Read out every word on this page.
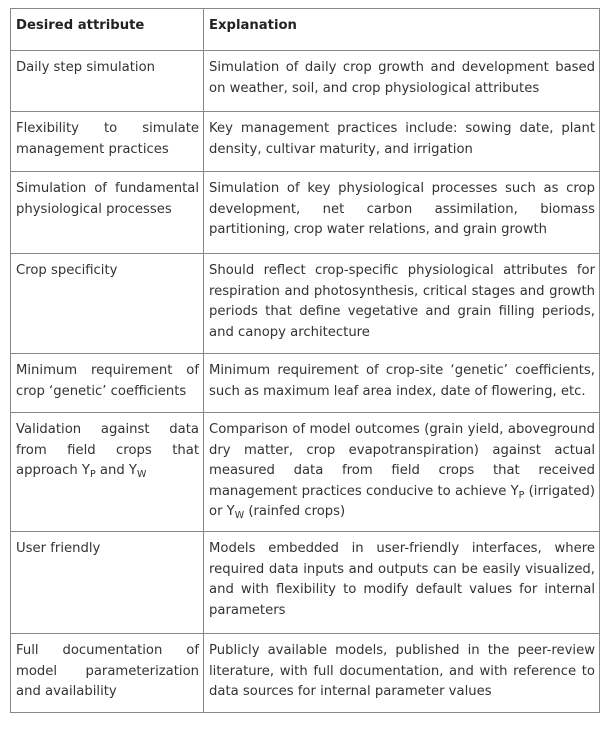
Desired attribute	Explanation

Daily step simulation	Simulation of daily crop growth and development based on weather, soil, and crop physiological attributes

Flexibility to simulate management practices	Key management practices include: sowing date, plant density, cultivar maturity, and irrigation

Simulation of fundamental physiological processes	Simulation of key physiological processes such as crop development, net carbon assimilation, biomass partitioning, crop water relations, and grain growth

Crop specificity	Should reflect crop-specific physiological attributes for respiration and photosynthesis, critical stages and growth periods that define vegetative and grain filling periods, and canopy architecture

Minimum requirement of crop ‘genetic’ coefficients	Minimum requirement of crop-site ‘genetic’ coefficients, such as maximum leaf area index, date of flowering, etc.

Validation against data from field crops that approach $Y_P$ and $Y_W$	Comparison of model outcomes (grain yield, aboveground dry matter, crop evapotranspiration) against actual measured data from field crops that received management practices conducive to achieve $Y_P$ (irrigated) or $Y_W$ (rainfed crops)

User friendly	Models embedded in user-friendly interfaces, where required data inputs and outputs can be easily visualized, and with flexibility to modify default values for internal parameters

Full documentation of model parameterization and availability	Publicly available models, published in the peer-review literature, with full documentation, and with reference to data sources for internal parameter values
